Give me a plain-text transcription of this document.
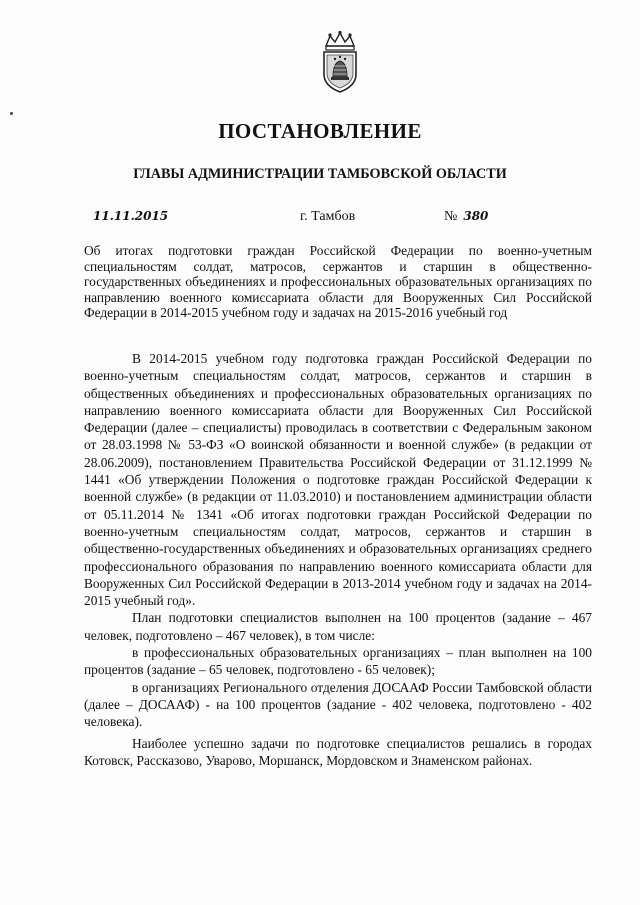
ПОСТАНОВЛЕНИЕ
ГЛАВЫ АДМИНИСТРАЦИИ ТАМБОВСКОЙ ОБЛАСТИ
11.11.2015	г. Тамбов	№ 380

Об итогах подготовки граждан Российской Федерации по военно-учетным специальностям солдат, матросов, сержантов и старшин в общественно-государственных объединениях и профессиональных образовательных организациях по направлению военного комиссариата области для Вооруженных Сил Российской Федерации в 2014-2015 учебном году и задачах на 2015-2016 учебный год

В 2014-2015 учебном году подготовка граждан Российской Федерации по военно-учетным специальностям солдат, матросов, сержантов и старшин в общественных объединениях и профессиональных образовательных организациях по направлению военного комиссариата области для Вооруженных Сил Российской Федерации (далее – специалисты) проводилась в соответствии с Федеральным законом от 28.03.1998 № 53-ФЗ «О воинской обязанности и военной службе» (в редакции от 28.06.2009), постановлением Правительства Российской Федерации от 31.12.1999 № 1441 «Об утверждении Положения о подготовке граждан Российской Федерации к военной службе» (в редакции от 11.03.2010) и постановлением администрации области от 05.11.2014 № 1341 «Об итогах подготовки граждан Российской Федерации по военно-учетным специальностям солдат, матросов, сержантов и старшин в общественно-государственных объединениях и образовательных организациях среднего профессионального образования по направлению военного комиссариата области для Вооруженных Сил Российской Федерации в 2013-2014 учебном году и задачах на 2014-2015 учебный год».

План подготовки специалистов выполнен на 100 процентов (задание – 467 человек, подготовлено – 467 человек), в том числе:

в профессиональных образовательных организациях – план выполнен на 100 процентов (задание – 65 человек, подготовлено - 65 человек);

в организациях Регионального отделения ДОСААФ России Тамбовской области (далее – ДОСААФ) - на 100 процентов (задание - 402 человека, подготовлено - 402 человека).

Наиболее успешно задачи по подготовке специалистов решались в городах Котовск, Рассказово, Уварово, Моршанск, Мордовском и Знаменском районах.
